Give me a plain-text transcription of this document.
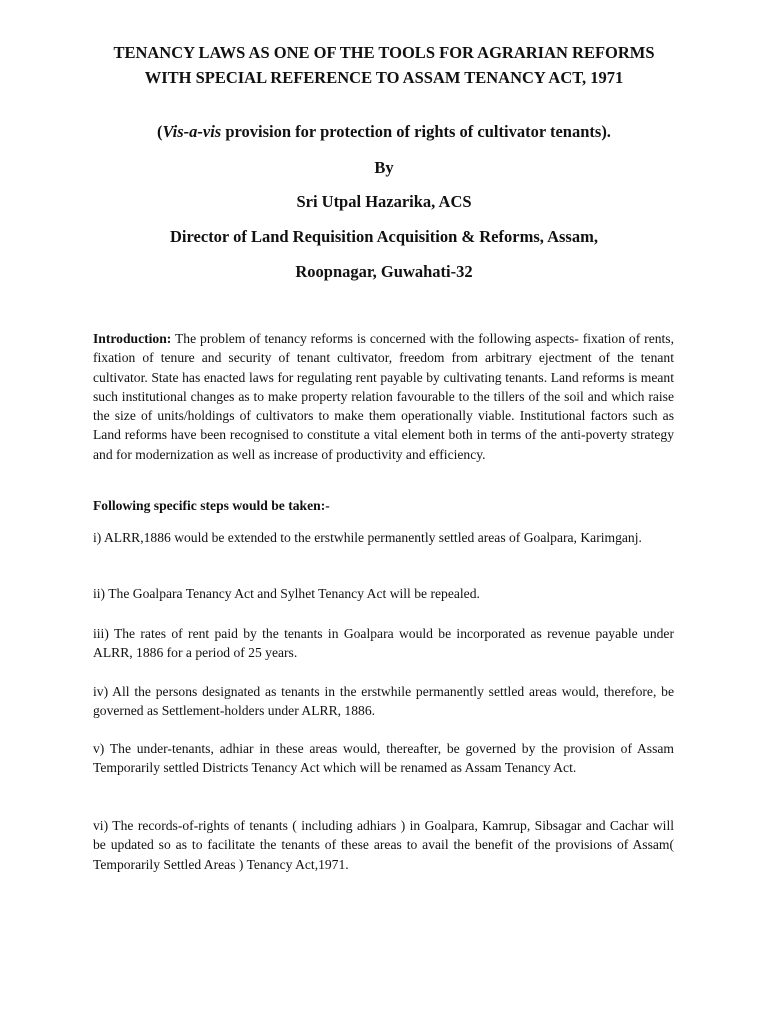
TENANCY LAWS AS ONE OF THE TOOLS FOR AGRARIAN REFORMS WITH SPECIAL REFERENCE TO ASSAM TENANCY ACT, 1971

(Vis-a-vis provision for protection of rights of cultivator tenants).

By

Sri Utpal Hazarika, ACS

Director of Land Requisition Acquisition & Reforms, Assam,

Roopnagar, Guwahati-32

Introduction: The problem of tenancy reforms is concerned with the following aspects- fixation of rents, fixation of tenure and security of tenant cultivator, freedom from arbitrary ejectment of the tenant cultivator. State has enacted laws for regulating rent payable by cultivating tenants. Land reforms is meant such institutional changes as to make property relation favourable to the tillers of the soil and which raise the size of units/holdings of cultivators to make them operationally viable. Institutional factors such as Land reforms have been recognised to constitute a vital element both in terms of the anti-poverty strategy and for modernization as well as increase of productivity and efficiency.

Following specific steps would be taken:-

i) ALRR,1886 would be extended to the erstwhile permanently settled areas of Goalpara, Karimganj.

ii) The Goalpara Tenancy Act and Sylhet Tenancy Act will be repealed.

iii) The rates of rent paid by the tenants in Goalpara would be incorporated as revenue payable under ALRR, 1886 for a period of 25 years.

iv) All the persons designated as tenants in the erstwhile permanently settled areas would, therefore, be governed as Settlement-holders under ALRR, 1886.

v) The under-tenants, adhiar in these areas would, thereafter, be governed by the provision of Assam Temporarily settled Districts Tenancy Act which will be renamed as Assam Tenancy Act.

vi) The records-of-rights of tenants ( including adhiars ) in Goalpara, Kamrup, Sibsagar and Cachar will be updated so as to facilitate the tenants of these areas to avail the benefit of the provisions of Assam( Temporarily Settled Areas ) Tenancy Act,1971.
